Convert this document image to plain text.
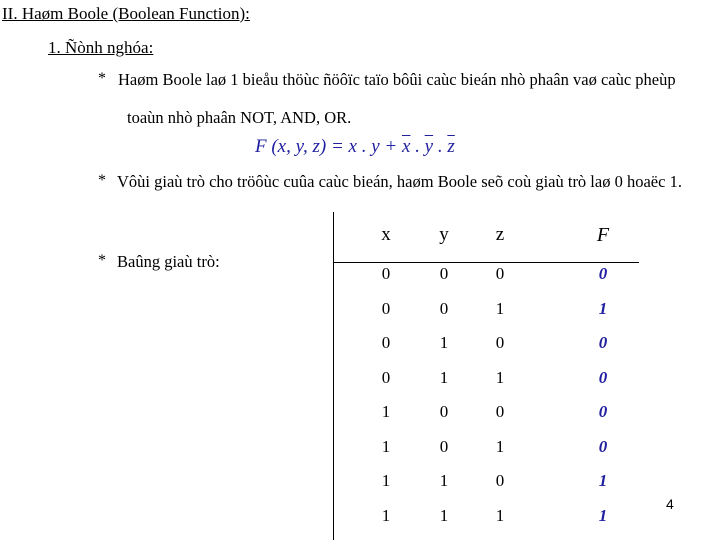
II. Haøm Boole (Boolean Function):
1. Ñònh nghóa:
* Haøm Boole laø 1 bieåu thöùc ñöôïc taïo bôûi caùc bieán nhò phaân vaø caùc pheùp
toaùn nhò phaân NOT, AND, OR.
F (x, y, z) = x . $y + \overline{x}$ . $\overline{y}$ . $\overline{z}$
* Vôùi giaù trò cho tröôùc cuûa caùc bieán, haøm Boole seõ coù giaù trò laø 0 hoaëc 1.
* Baûng giaù trò:
x	y	z	F
0	0	0	0
0	0	1	1
0	1	0	0
0	1	1	0
1	0	0	0
1	0	1	0
1	1	0	1
1	1	1	1
4
